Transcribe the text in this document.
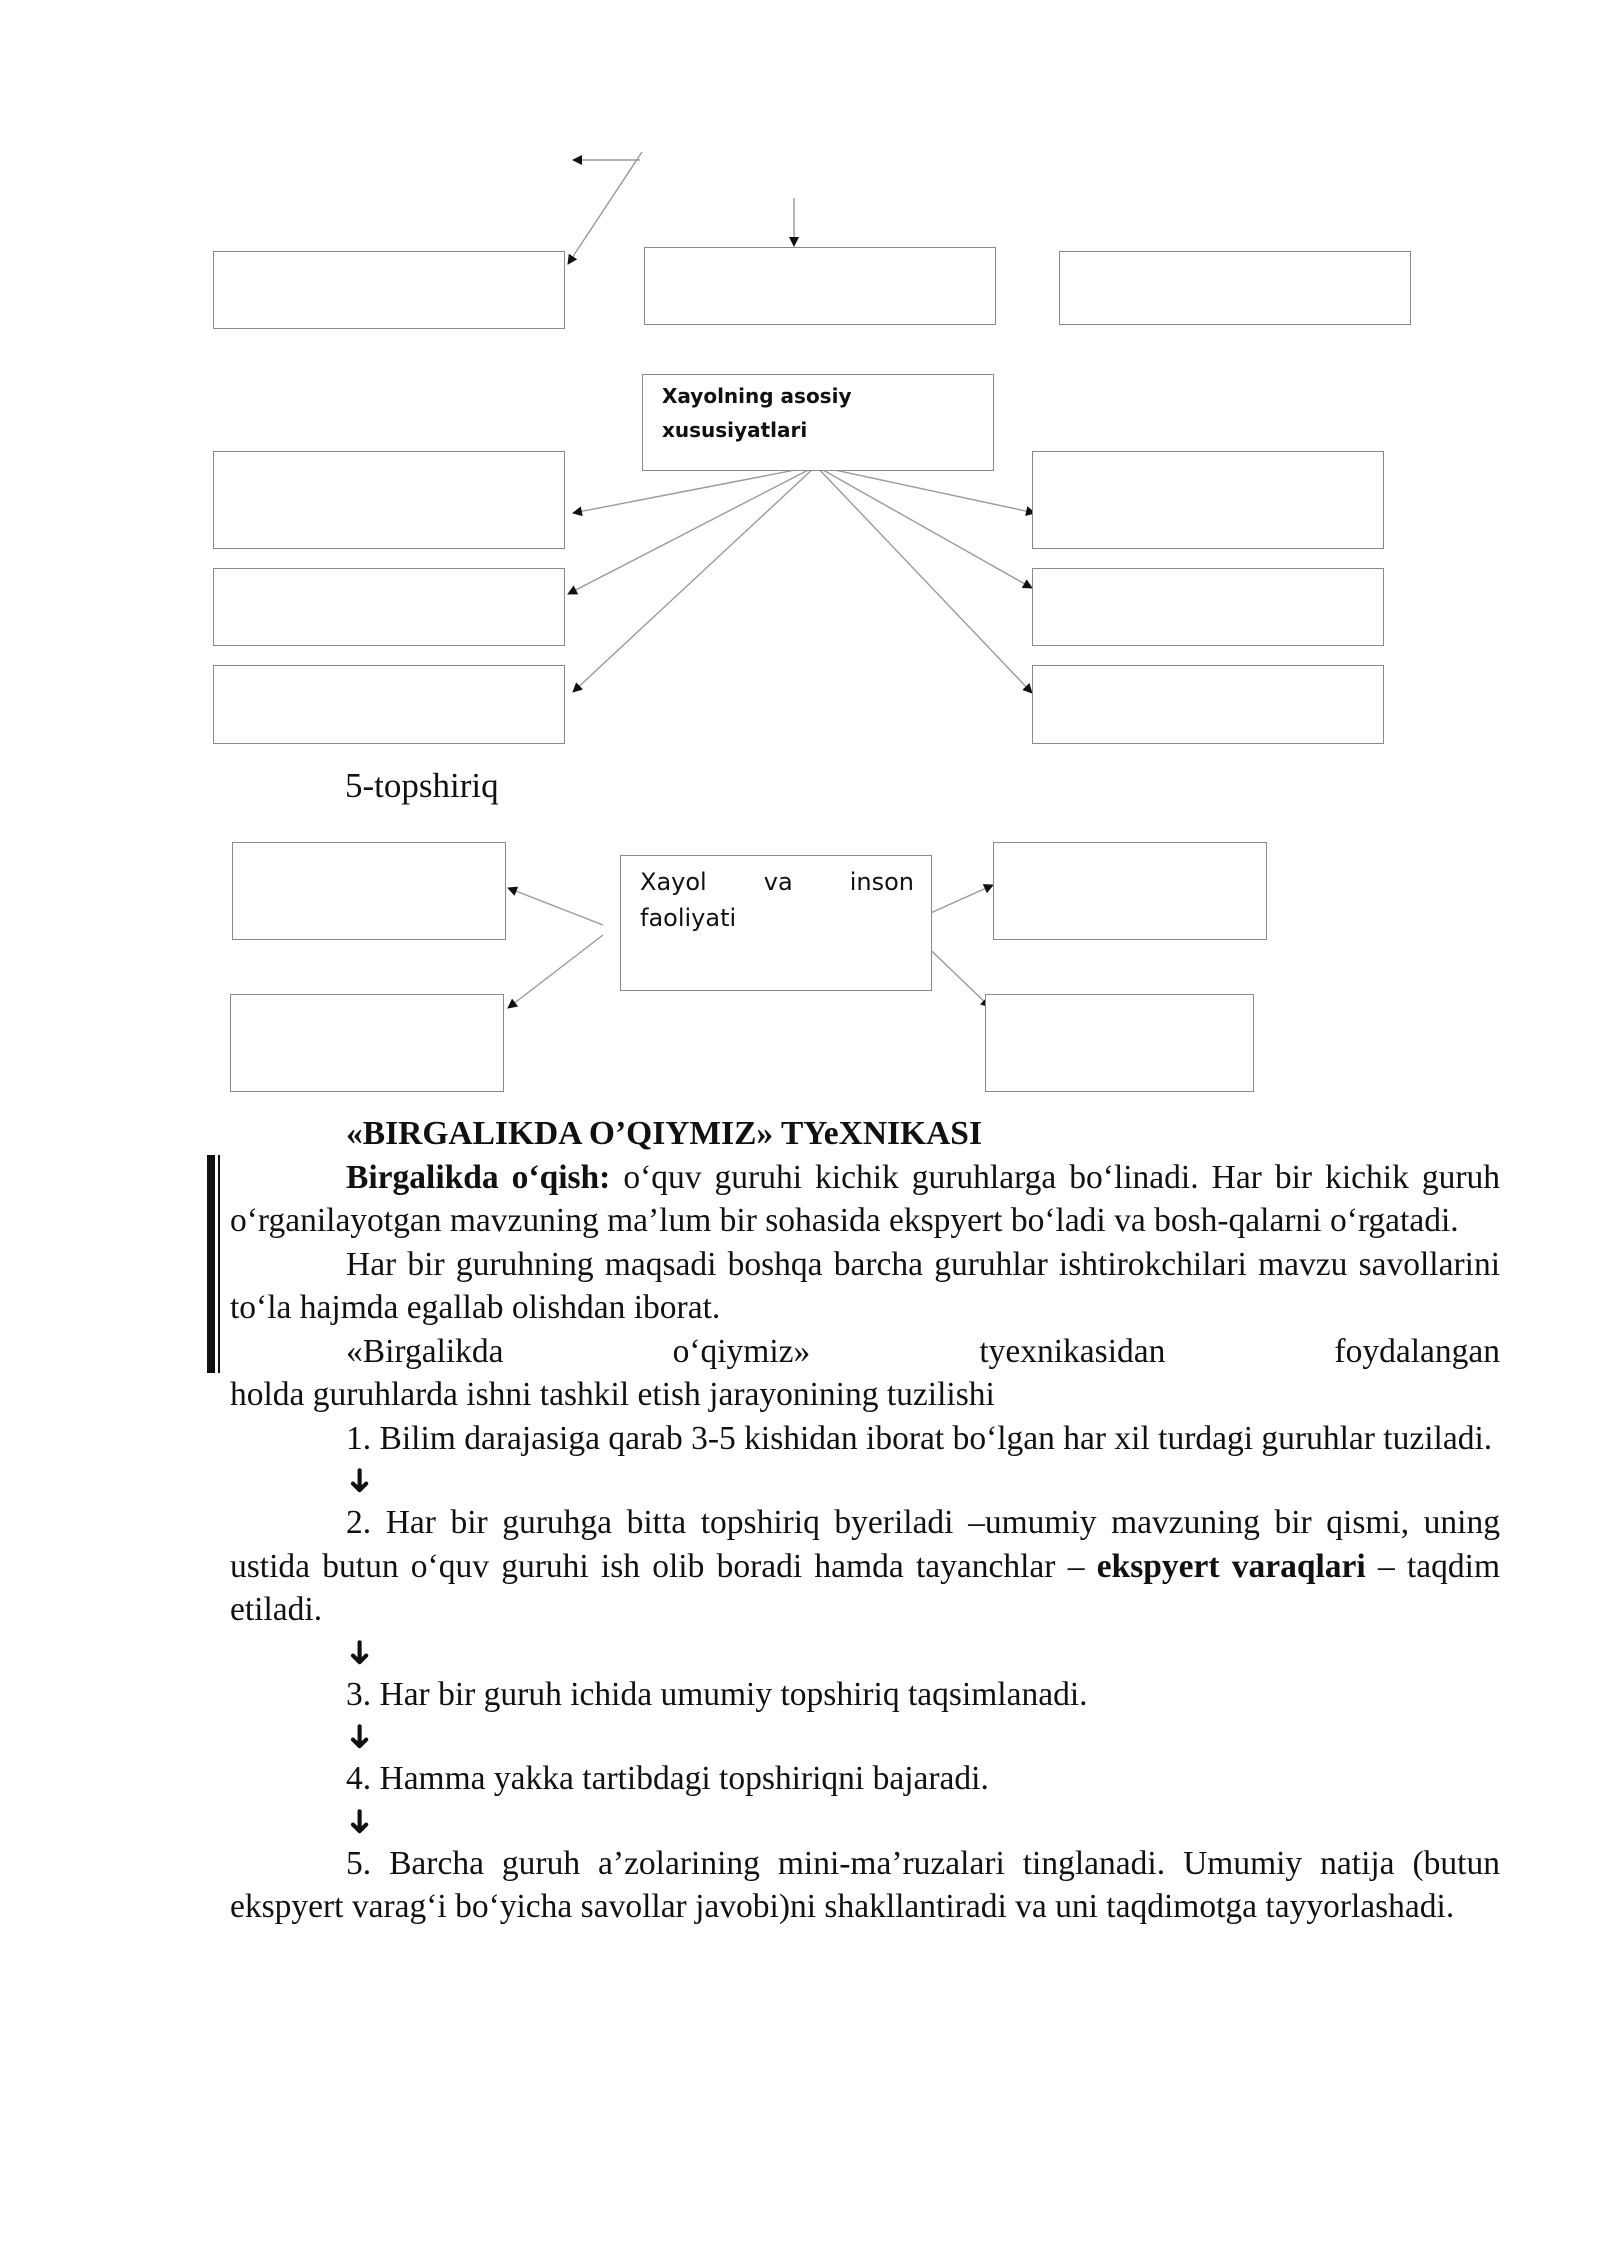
Xayolning asosiy xususiyatlari
5-topshiriq
Xayol va inson faoliyati

«BIRGALIKDA O’QIYMIZ» TYeXNIKASI

Birgalikda o‘qish: o‘quv guruhi kichik guruhlarga bo‘linadi. Har bir kichik guruh o‘rganilayotgan mavzuning ma’lum bir sohasida ekspyert bo‘ladi va bosh-qalarni o‘rgatadi.

Har bir guruhning maqsadi boshqa barcha guruhlar ishtirokchilari mavzu savollarini to‘la hajmda egallab olishdan iborat.

«Birgalikda o‘qiymiz» tyexnikasidan foydalangan

holda guruhlarda ishni tashkil etish jarayonining tuzilishi

1. Bilim darajasiga qarab 3-5 kishidan iborat bo‘lgan har xil turdagi guruhlar tuziladi.

➜

2. Har bir guruhga bitta topshiriq byeriladi –umumiy mavzuning bir qismi, uning ustida butun o‘quv guruhi ish olib boradi hamda tayanchlar – ekspyert varaqlari – taqdim etiladi.

➜

3. Har bir guruh ichida umumiy topshiriq taqsimlanadi.

➜

4. Hamma yakka tartibdagi topshiriqni bajaradi.

➜

5. Barcha guruh a’zolarining mini-ma’ruzalari tinglanadi. Umumiy natija (butun ekspyert varag‘i bo‘yicha savollar javobi)ni shakllantiradi va uni taqdimotga tayyorlashadi.
